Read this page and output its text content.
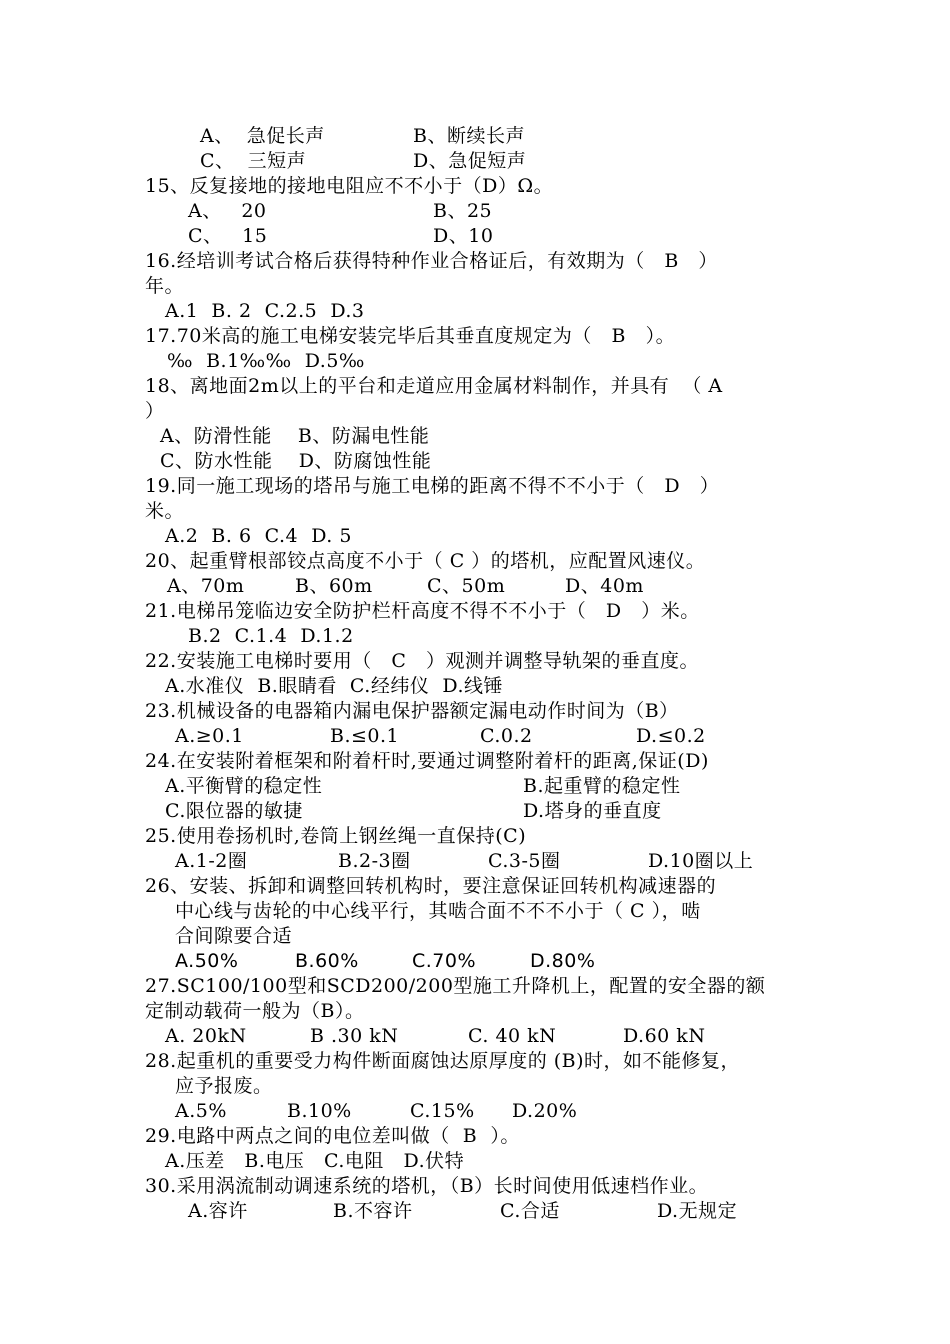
A、  急促长声	B、断续长声
C、  三短声	D、急促短声
15、反复接地的接地电阻应不不小于（D）Ω。
A、   20	B、25
C、   15	D、10
16.经培训考试合格后获得特种作业合格证后，有效期为（   B   ）
年。
A.1  B. 2  C.2.5  D.3
17.70米高的施工电梯安装完毕后其垂直度规定为（   B   ）。
‰  B.1‰‰  D.5‰
18、离地面2m以上的平台和走道应用金属材料制作，并具有  （ A
）
A、防滑性能    B、防漏电性能
C、防水性能    D、防腐蚀性能
19.同一施工现场的塔吊与施工电梯的距离不得不不小于（   D   ）
米。
A.2  B. 6  C.4  D. 5
20、起重臂根部铰点高度不小于（ C ）的塔机，应配置风速仪。
A、70m	B、60m	C、50m	D、40m
21.电梯吊笼临边安全防护栏杆高度不得不不小于（   D   ）米。
B.2  C.1.4  D.1.2
22.安装施工电梯时要用（   C   ）观测并调整导轨架的垂直度。
A.水准仪  B.眼睛看  C.经纬仪  D.线锤
23.机械设备的电器箱内漏电保护器额定漏电动作时间为（B）
A.≥0.1	B.≤0.1	C.0.2	D.≤0.2
24.在安装附着框架和附着杆时,要通过调整附着杆的距离,保证(D)
A.平衡臂的稳定性	B.起重臂的稳定性
C.限位器的敏捷	D.塔身的垂直度
25.使用卷扬机时,卷筒上钢丝绳一直保持(C)
A.1-2圈	B.2-3圈	C.3-5圈	D.10圈以上
26、安装、拆卸和调整回转机构时，要注意保证回转机构减速器的
中心线与齿轮的中心线平行，其啮合面不不不小于（ C ），啮
合间隙要合适
A.50%	B.60%	C.70%	D.80%
27.SC100/100型和SCD200/200型施工升降机上，配置的安全器的额
定制动载荷一般为（B）。
A. 20kN	B .30 kN	C. 40 kN	D.60 kN
28.起重机的重要受力构件断面腐蚀达原厚度的 (B)时，如不能修复，
应予报废。
A.5%	B.10%	C.15% D.20%
29.电路中两点之间的电位差叫做（  B  ）。
A.压差   B.电压   C.电阻   D.伏特
30.采用涡流制动调速系统的塔机，（B）长时间使用低速档作业。
A.容许	B.不容许	C.合适	D.无规定
